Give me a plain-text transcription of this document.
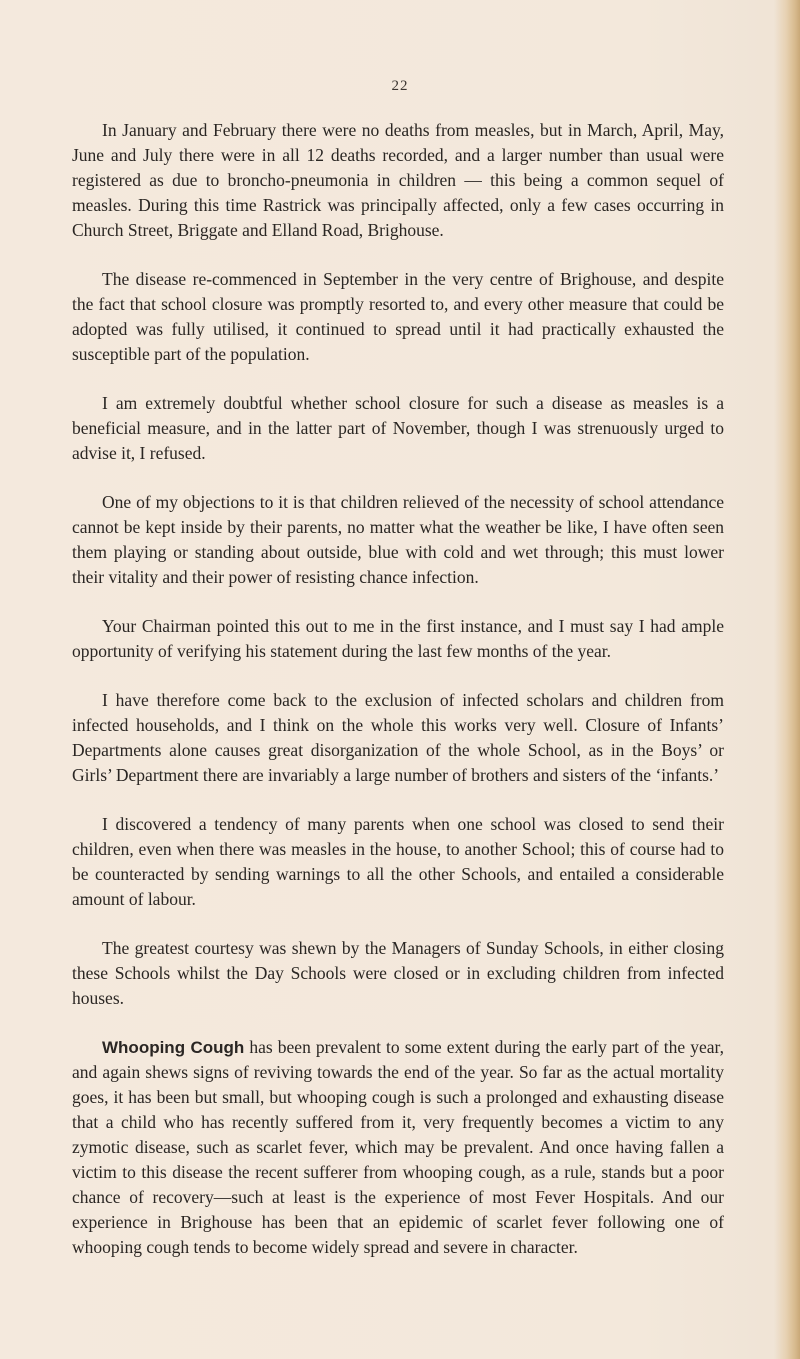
22

In January and February there were no deaths from measles, but in March, April, May, June and July there were in all 12 deaths recorded, and a larger number than usual were registered as due to broncho-pneumonia in children — this being a common sequel of measles. During this time Rastrick was principally affected, only a few cases occurring in Church Street, Briggate and Elland Road, Brighouse.

The disease re-commenced in September in the very centre of Brighouse, and despite the fact that school closure was promptly resorted to, and every other measure that could be adopted was fully utilised, it continued to spread until it had practically exhausted the susceptible part of the population.

I am extremely doubtful whether school closure for such a disease as measles is a beneficial measure, and in the latter part of November, though I was strenuously urged to advise it, I refused.

One of my objections to it is that children relieved of the necessity of school attendance cannot be kept inside by their parents, no matter what the weather be like, I have often seen them playing or standing about outside, blue with cold and wet through; this must lower their vitality and their power of resisting chance infection.

Your Chairman pointed this out to me in the first instance, and I must say I had ample opportunity of verifying his statement during the last few months of the year.

I have therefore come back to the exclusion of infected scholars and children from infected households, and I think on the whole this works very well. Closure of Infants’ Departments alone causes great disorganization of the whole School, as in the Boys’ or Girls’ Department there are invariably a large number of brothers and sisters of the ‘infants.’

I discovered a tendency of many parents when one school was closed to send their children, even when there was measles in the house, to another School; this of course had to be counteracted by sending warnings to all the other Schools, and entailed a considerable amount of labour.

The greatest courtesy was shewn by the Managers of Sunday Schools, in either closing these Schools whilst the Day Schools were closed or in excluding children from infected houses.

Whooping Cough has been prevalent to some extent during the early part of the year, and again shews signs of reviving towards the end of the year. So far as the actual mortality goes, it has been but small, but whooping cough is such a prolonged and exhausting disease that a child who has recently suffered from it, very frequently becomes a victim to any zymotic disease, such as scarlet fever, which may be prevalent. And once having fallen a victim to this disease the recent sufferer from whooping cough, as a rule, stands but a poor chance of recovery—such at least is the experience of most Fever Hospitals. And our experience in Brighouse has been that an epidemic of scarlet fever following one of whooping cough tends to become widely spread and severe in character.
